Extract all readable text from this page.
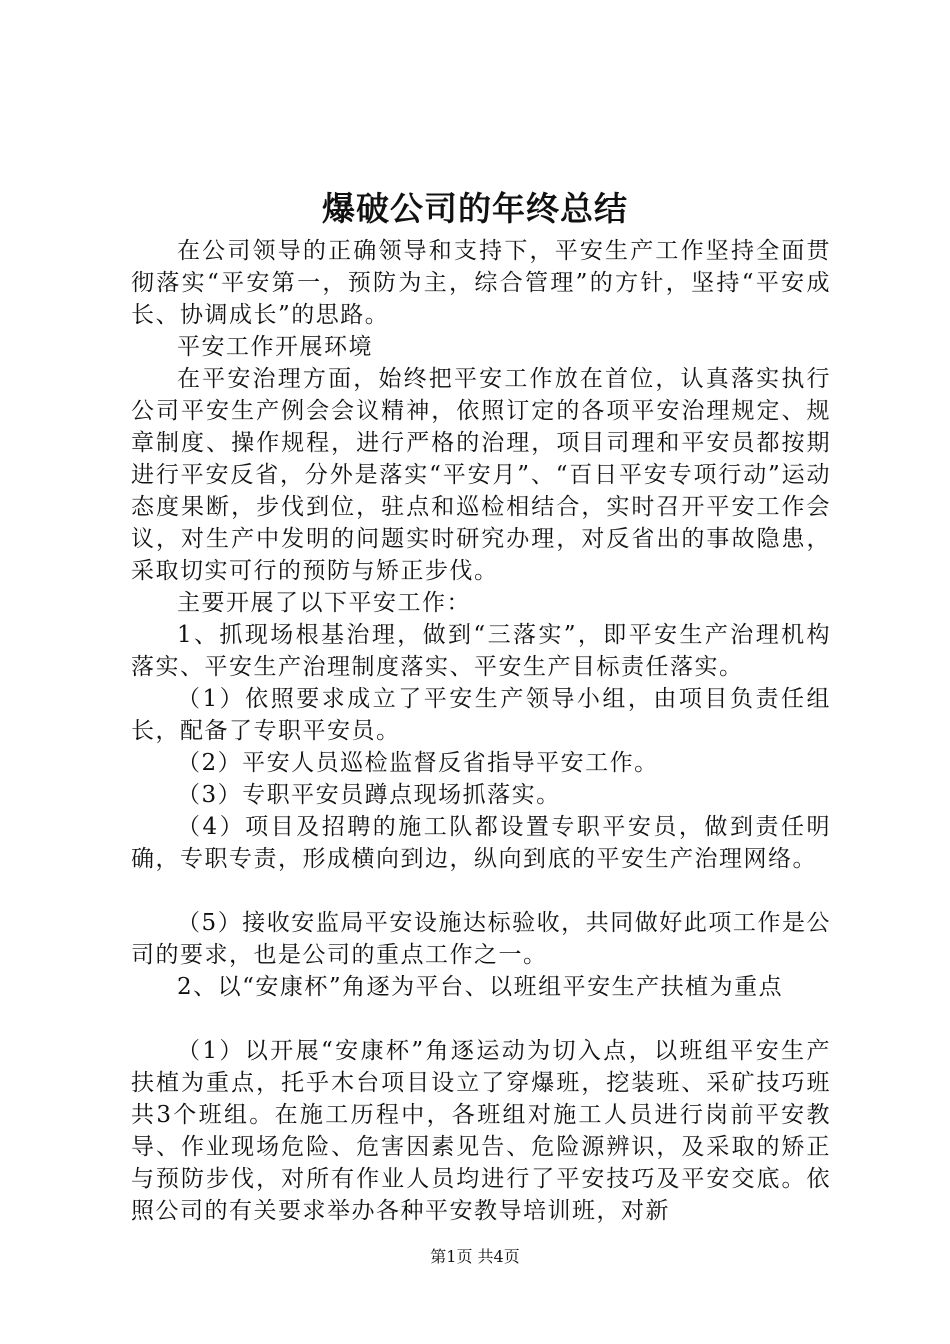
爆破公司的年终总结

在公司领导的正确领导和支持下，平安生产工作坚持全面贯彻落实“平安第一，预防为主，综合管理”的方针，坚持“平安成长、协调成长”的思路。

平安工作开展环境

在平安治理方面，始终把平安工作放在首位，认真落实执行公司平安生产例会会议精神，依照订定的各项平安治理规定、规章制度、操作规程，进行严格的治理，项目司理和平安员都按期进行平安反省，分外是落实“平安月”、“百日平安专项行动”运动态度果断，步伐到位，驻点和巡检相结合，实时召开平安工作会议，对生产中发明的问题实时研究办理，对反省出的事故隐患，采取切实可行的预防与矫正步伐。

主要开展了以下平安工作：

1、抓现场根基治理，做到“三落实”，即平安生产治理机构落实、平安生产治理制度落实、平安生产目标责任落实。

（1）依照要求成立了平安生产领导小组，由项目负责任组长，配备了专职平安员。

（2）平安人员巡检监督反省指导平安工作。

（3）专职平安员蹲点现场抓落实。

（4）项目及招聘的施工队都设置专职平安员，做到责任明确，专职专责，形成横向到边，纵向到底的平安生产治理网络。

（5）接收安监局平安设施达标验收，共同做好此项工作是公司的要求，也是公司的重点工作之一。

2、以“安康杯”角逐为平台、以班组平安生产扶植为重点

（1）以开展“安康杯”角逐运动为切入点，以班组平安生产扶植为重点，托乎木台项目设立了穿爆班，挖装班、采矿技巧班共3个班组。在施工历程中，各班组对施工人员进行岗前平安教导、作业现场危险、危害因素见告、危险源辨识，及采取的矫正与预防步伐，对所有作业人员均进行了平安技巧及平安交底。依照公司的有关要求举办各种平安教导培训班，对新

第1页 共4页
